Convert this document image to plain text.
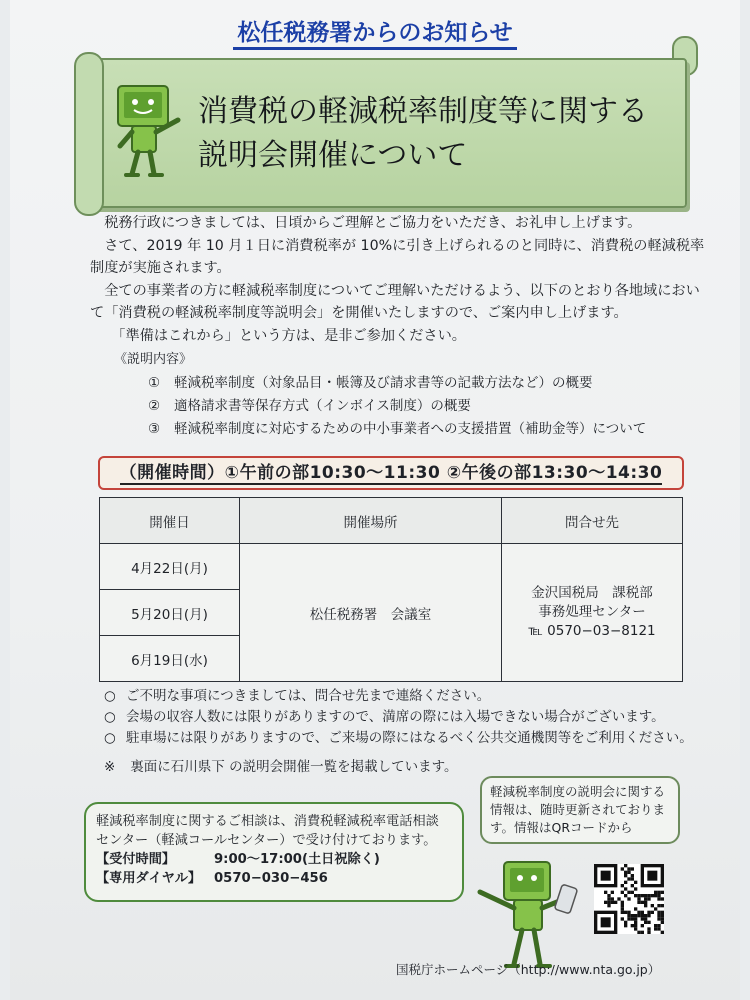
松任税務署からのお知らせ
消費税の軽減税率制度等に関する
説明会開催について

税務行政につきましては、日頃からご理解とご協力をいただき、お礼申し上げます。

さて、2019 年 10 月１日に消費税率が 10%に引き上げられるのと同時に、消費税の軽減税率制度が実施されます。

全ての事業者の方に軽減税率制度についてご理解いただけるよう、以下のとおり各地域において「消費税の軽減税率制度等説明会」を開催いたしますので、ご案内申し上げます。

「準備はこれから」という方は、是非ご参加ください。

《説明内容》
① 軽減税率制度（対象品目・帳簿及び請求書等の記載方法など）の概要
② 適格請求書等保存方式（インボイス制度）の概要
③ 軽減税率制度に対応するための中小事業者への支援措置（補助金等）について
（開催時間）①午前の部10:30～11:30 ②午後の部13:30～14:30
開催日	開催場所	問合せ先
4月22日(月)	松任税務署　会議室	金沢国税局　課税部
事務処理センター
℡ 0570−03−8121

5月20日(月)		
6月19日(水)		
○ ご不明な事項につきましては、問合せ先まで連絡ください。
○ 会場の収容人数には限りがありますので、満席の際には入場できない場合がございます。
○ 駐車場には限りがありますので、ご来場の際にはなるべく公共交通機関等をご利用ください。
※ 裏面に石川県下 の説明会開催一覧を掲載しています。
軽減税率制度に関するご相談は、消費税軽減税率電話相談
センター（軽減コールセンター）で受け付けております。
【受付時間】	9:00～17:00(土日祝除く)
【専用ダイヤル】 0570−030−456
軽減税率制度の説明会に関する
情報は、随時更新されておりま
す。情報はQRコードから
国税庁ホームページ（http://www.nta.go.jp）
